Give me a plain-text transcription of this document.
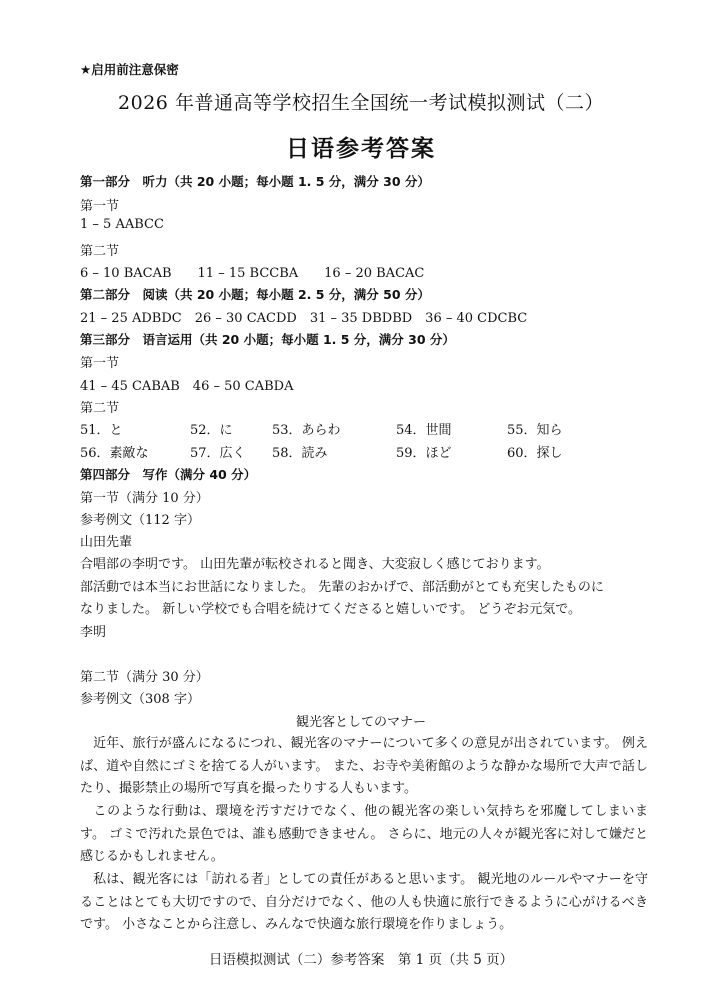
★启用前注意保密
2026 年普通高等学校招生全国统一考试模拟测试（二）
日语参考答案
第一部分　听力（共 20 小题；每小题 1. 5 分，满分 30 分）
第一节
1 – 5 AABCC
第二节
6 – 10 BACAB　　11 – 15 BCCBA　　16 – 20 BACAC
第二部分　阅读（共 20 小题；每小题 2. 5 分，满分 50 分）
21 – 25 ADBDC　26 – 30 CACDD　31 – 35 DBDBD　36 – 40 CDCBC
第三部分　语言运用（共 20 小题；每小题 1. 5 分，满分 30 分）
第一节
41 – 45 CABAB　46 – 50 CABDA
第二节
51．と	52．に	53．あらわ	54．世間	55．知ら
56．素敵な	57．広く 58．読み	59．ほど	60．探し
第四部分　写作（满分 40 分）
第一节（满分 10 分）
参考例文（112 字）
山田先輩
合唱部の李明です。 山田先輩が転校されると聞き、大変寂しく感じております。
部活動では本当にお世話になりました。 先輩のおかげで、部活動がとても充実したものに
なりました。 新しい学校でも合唱を続けてくださると嬉しいです。 どうぞお元気で。
李明
第二节（满分 30 分）
参考例文（308 字）
観光客としてのマナー
近年、旅行が盛んになるにつれ、観光客のマナーについて多くの意見が出されています。 例えば、道や自然にゴミを捨てる人がいます。 また、お寺や美術館のような静かな場所で大声で話したり、撮影禁止の場所で写真を撮ったりする人もいます。
このような行動は、環境を汚すだけでなく、他の観光客の楽しい気持ちを邪魔してしまいます。 ゴミで汚れた景色では、誰も感動できません。 さらに、地元の人々が観光客に対して嫌だと感じるかもしれません。
私は、観光客には「訪れる者」としての責任があると思います。 観光地のルールやマナーを守ることはとても大切ですので、自分だけでなく、他の人も快適に旅行できるように心がけるべきです。 小さなことから注意し、みんなで快適な旅行環境を作りましょう。
日语模拟测试（二）参考答案　第 1 页（共 5 页）
